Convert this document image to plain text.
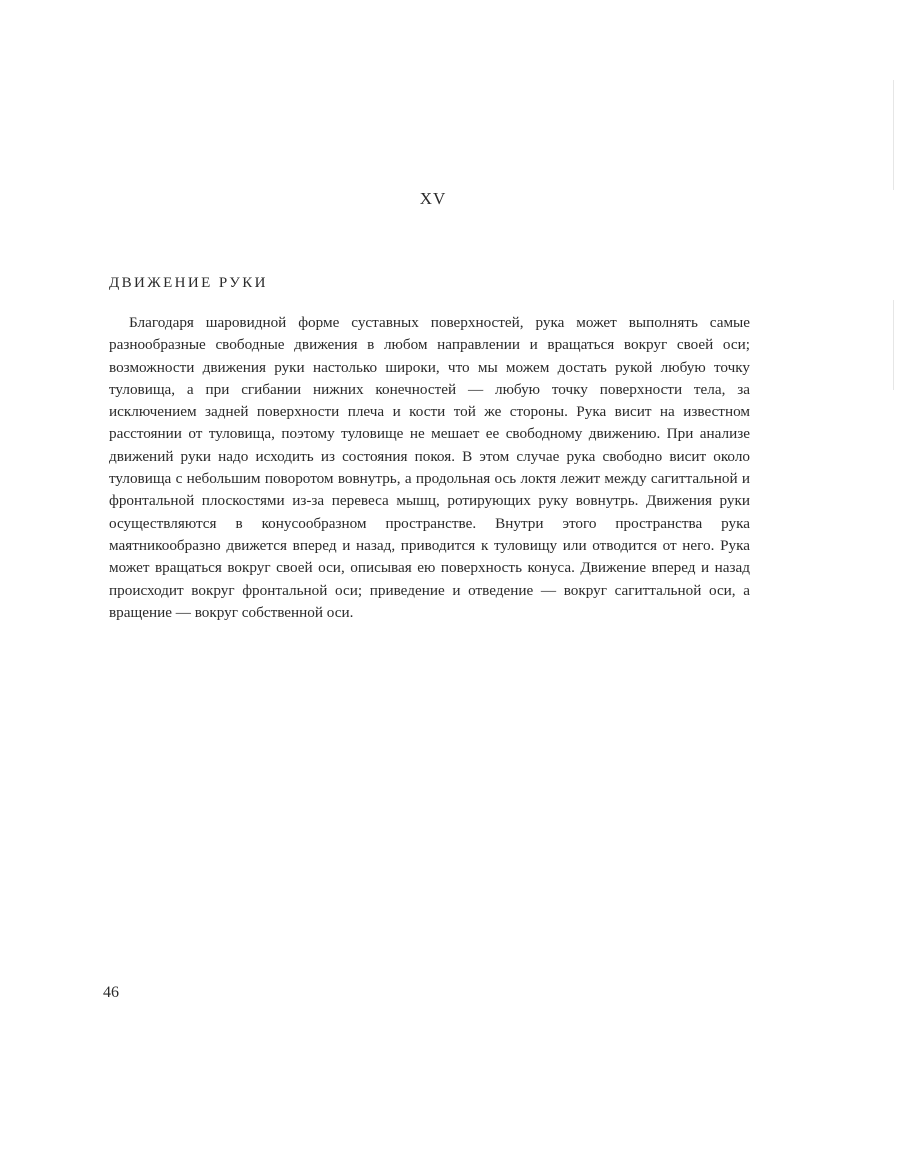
XV
ДВИЖЕНИЕ РУКИ

Благодаря шаровидной форме суставных поверхностей, рука может выполнять самые разнообразные свободные движения в любом направлении и вращаться вокруг своей оси; возможности движения руки настолько широки, что мы можем достать рукой любую точку туловища, а при сгибании нижних конечностей — любую точку поверхности тела, за исключением задней поверхности плеча и кости той же стороны. Рука висит на известном расстоянии от туловища, поэтому туловище не мешает ее свободному движению. При анализе движений руки надо исходить из состояния покоя. В этом случае рука свободно висит около туловища с небольшим поворотом вовнутрь, а продольная ось локтя лежит между сагиттальной и фронтальной плоскостями из-за перевеса мышц, ротирующих руку вовнутрь. Движения руки осуществляются в конусообразном пространстве. Внутри этого пространства рука маятникообразно движется вперед и назад, приводится к туловищу или отводится от него. Рука может вращаться вокруг своей оси, описывая ею поверхность конуса. Движение вперед и назад происходит вокруг фронтальной оси; приведение и отведение — вокруг сагиттальной оси, а вращение — вокруг собственной оси.

46
